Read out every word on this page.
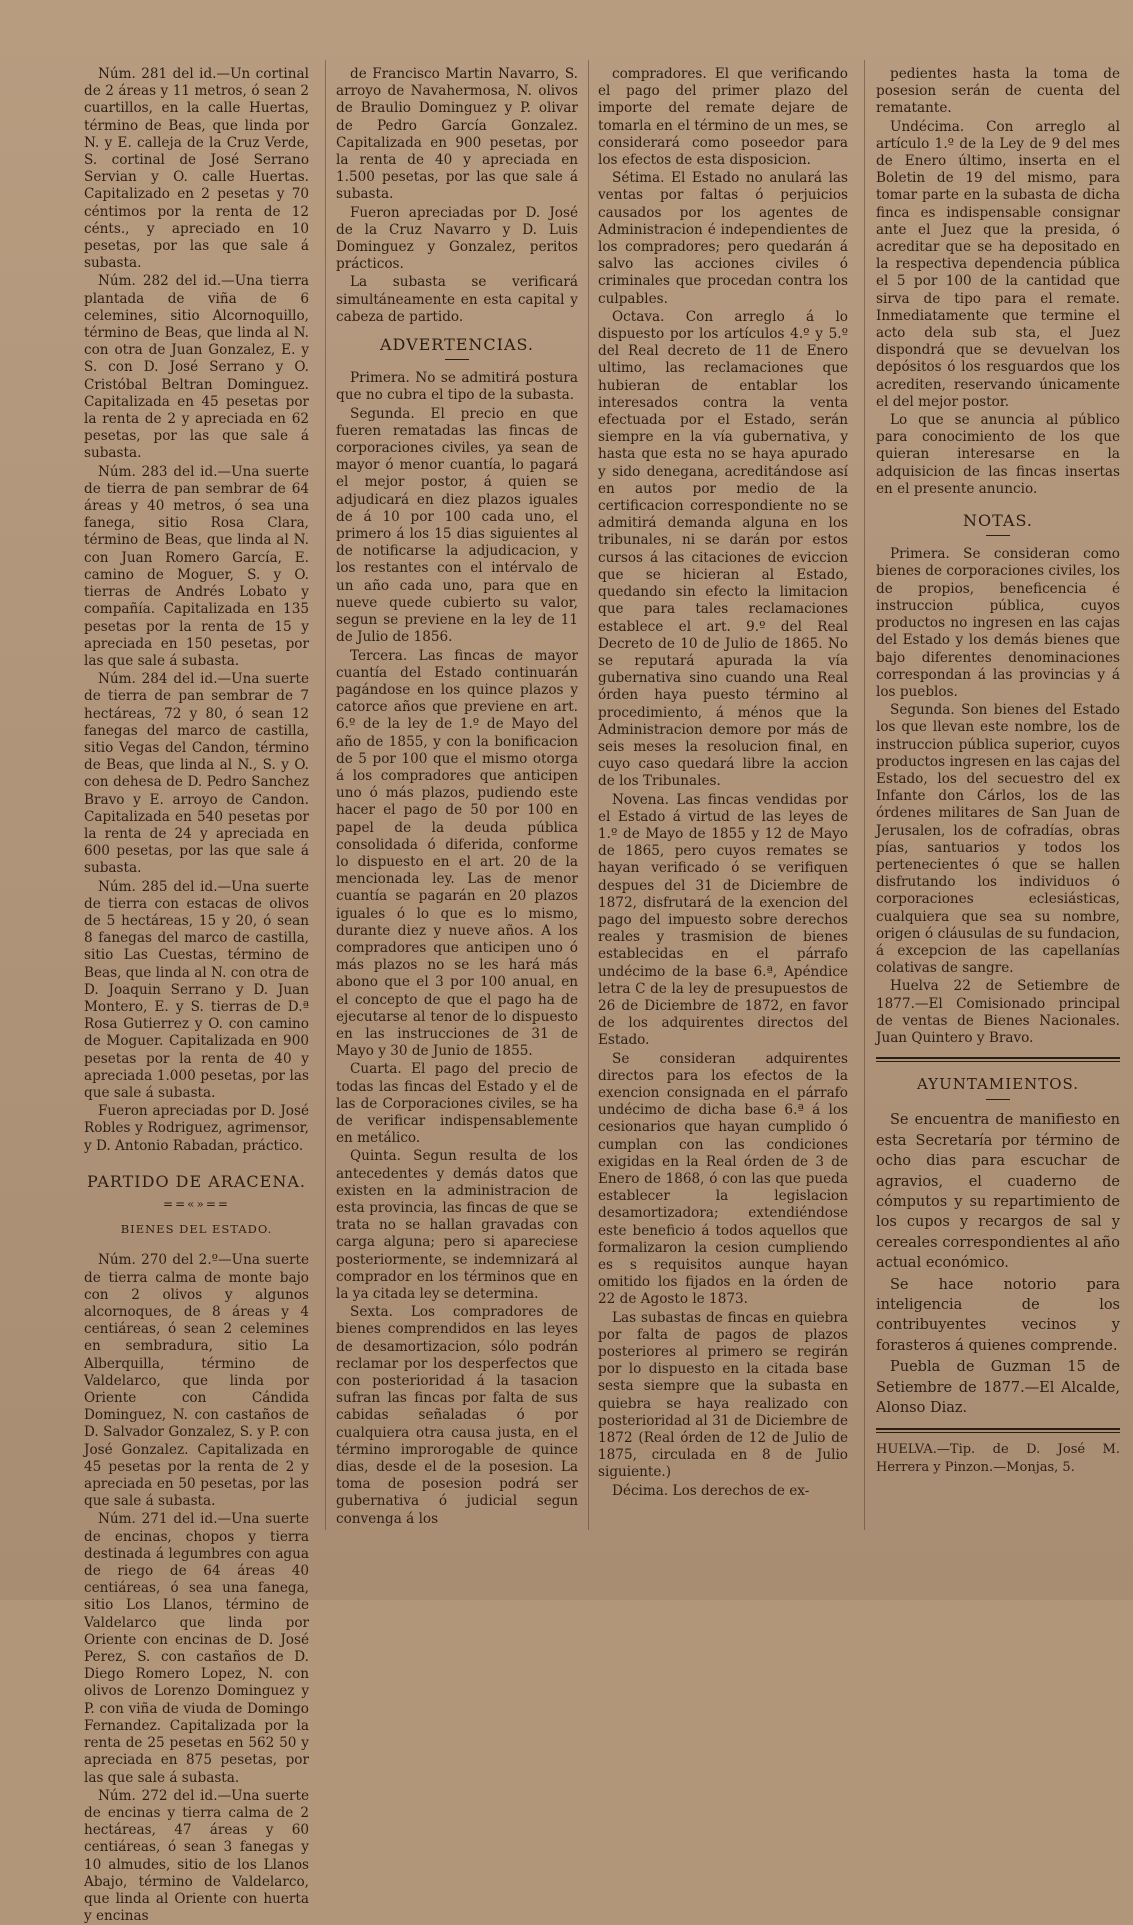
Núm. 281 del id.—Un cortinal de 2 áreas y 11 metros, ó sean 2 cuartillos, en la calle Huertas, término de Beas, que linda por N. y E. calleja de la Cruz Verde, S. cortinal de José Serrano Servian y O. calle Huertas. Capitalizado en 2 pesetas y 70 céntimos por la renta de 12 cénts., y apreciado en 10 pesetas, por las que sale á subasta.

Núm. 282 del id.—Una tierra plantada de viña de 6 celemines, sitio Alcornoquillo, término de Beas, que linda al N. con otra de Juan Gonzalez, E. y S. con D. José Serrano y O. Cristóbal Beltran Dominguez. Capitalizada en 45 pesetas por la renta de 2 y apreciada en 62 pesetas, por las que sale á subasta.

Núm. 283 del id.—Una suerte de tierra de pan sembrar de 64 áreas y 40 metros, ó sea una fanega, sitio Rosa Clara, término de Beas, que linda al N. con Juan Romero García, E. camino de Moguer, S. y O. tierras de Andrés Lobato y compañía. Capitalizada en 135 pesetas por la renta de 15 y apreciada en 150 pesetas, por las que sale á subasta.

Núm. 284 del id.—Una suerte de tierra de pan sembrar de 7 hectáreas, 72 y 80, ó sean 12 fanegas del marco de castilla, sitio Vegas del Candon, término de Beas, que linda al N., S. y O. con dehesa de D. Pedro Sanchez Bravo y E. arroyo de Candon. Capitalizada en 540 pesetas por la renta de 24 y apreciada en 600 pesetas, por las que sale á subasta.

Núm. 285 del id.—Una suerte de tierra con estacas de olivos de 5 hectáreas, 15 y 20, ó sean 8 fanegas del marco de castilla, sitio Las Cuestas, término de Beas, que linda al N. con otra de D. Joaquin Serrano y D. Juan Montero, E. y S. tierras de D.ª Rosa Gutierrez y O. con camino de Moguer. Capitalizada en 900 pesetas por la renta de 40 y apreciada 1.000 pesetas, por las que sale á subasta.

Fueron apreciadas por D. José Robles y Rodriguez, agrimensor, y D. Antonio Rabadan, práctico.

PARTIDO DE ARACENA.

==«»==

BIENES DEL ESTADO.

Núm. 270 del 2.º—Una suerte de tierra calma de monte bajo con 2 olivos y algunos alcornoques, de 8 áreas y 4 centiáreas, ó sean 2 celemines en sembradura, sitio La Alberquilla, término de Valdelarco, que linda por Oriente con Cándida Dominguez, N. con castaños de D. Salvador Gonzalez, S. y P. con José Gonzalez. Capitalizada en 45 pesetas por la renta de 2 y apreciada en 50 pesetas, por las que sale á subasta.

Núm. 271 del id.—Una suerte de encinas, chopos y tierra destinada á legumbres con agua de riego de 64 áreas 40 centiáreas, ó sea una fanega, sitio Los Llanos, término de Valdelarco que linda por Oriente con encinas de D. José Perez, S. con castaños de D. Diego Romero Lopez, N. con olivos de Lorenzo Dominguez y P. con viña de viuda de Domingo Fernandez. Capitalizada por la renta de 25 pesetas en 562 50 y apreciada en 875 pesetas, por las que sale á subasta.

Núm. 272 del id.—Una suerte de encinas y tierra calma de 2 hectáreas, 47 áreas y 60 centiáreas, ó sean 3 fanegas y 10 almudes, sitio de los Llanos Abajo, término de Valdelarco, que linda al Oriente con huerta y encinas

de Francisco Martin Navarro, S. arroyo de Navahermosa, N. olivos de Braulio Dominguez y P. olivar de Pedro García Gonzalez. Capitalizada en 900 pesetas, por la renta de 40 y apreciada en 1.500 pesetas, por las que sale á subasta.

Fueron apreciadas por D. José de la Cruz Navarro y D. Luis Dominguez y Gonzalez, peritos prácticos.

La subasta se verificará simultáneamente en esta capital y cabeza de partido.

ADVERTENCIAS.

Primera. No se admitirá postura que no cubra el tipo de la subasta.

Segunda. El precio en que fueren rematadas las fincas de corporaciones civiles, ya sean de mayor ó menor cuantía, lo pagará el mejor postor, á quien se adjudicará en diez plazos iguales de á 10 por 100 cada uno, el primero á los 15 dias siguientes al de notificarse la adjudicacion, y los restantes con el intérvalo de un año cada uno, para que en nueve quede cubierto su valor, segun se previene en la ley de 11 de Julio de 1856.

Tercera. Las fincas de mayor cuantía del Estado continuarán pagándose en los quince plazos y catorce años que previene en art. 6.º de la ley de 1.º de Mayo del año de 1855, y con la bonificacion de 5 por 100 que el mismo otorga á los compradores que anticipen uno ó más plazos, pudiendo este hacer el pago de 50 por 100 en papel de la deuda pública consolidada ó diferida, conforme lo dispuesto en el art. 20 de la mencionada ley. Las de menor cuantía se pagarán en 20 plazos iguales ó lo que es lo mismo, durante diez y nueve años. A los compradores que anticipen uno ó más plazos no se les hará más abono que el 3 por 100 anual, en el concepto de que el pago ha de ejecutarse al tenor de lo dispuesto en las instrucciones de 31 de Mayo y 30 de Junio de 1855.

Cuarta. El pago del precio de todas las fincas del Estado y el de las de Corporaciones civiles, se ha de verificar indispensablemente en metálico.

Quinta. Segun resulta de los antecedentes y demás datos que existen en la administracion de esta provincia, las fincas de que se trata no se hallan gravadas con carga alguna; pero si apareciese posteriormente, se indemnizará al comprador en los términos que en la ya citada ley se determina.

Sexta. Los compradores de bienes comprendidos en las leyes de desamortizacion, sólo podrán reclamar por los desperfectos que con posterioridad á la tasacion sufran las fincas por falta de sus cabidas señaladas ó por cualquiera otra causa justa, en el término improrogable de quince dias, desde el de la posesion. La toma de posesion podrá ser gubernativa ó judicial segun convenga á los

compradores. El que verificando el pago del primer plazo del importe del remate dejare de tomarla en el término de un mes, se considerará como poseedor para los efectos de esta disposicion.

Sétima. El Estado no anulará las ventas por faltas ó perjuicios causados por los agentes de Administracion é independientes de los compradores; pero quedarán á salvo las acciones civiles ó criminales que procedan contra los culpables.

Octava. Con arreglo á lo dispuesto por los artículos 4.º y 5.º del Real decreto de 11 de Enero ultimo, las reclamaciones que hubieran de entablar los interesados contra la venta efectuada por el Estado, serán siempre en la vía gubernativa, y hasta que esta no se haya apurado y sido denegana, acreditándose así en autos por medio de la certificacion correspondiente no se admitirá demanda alguna en los tribunales, ni se darán por estos cursos á las citaciones de eviccion que se hicieran al Estado, quedando sin efecto la limitacion que para tales reclamaciones establece el art. 9.º del Real Decreto de 10 de Julio de 1865. No se reputará apurada la vía gubernativa sino cuando una Real órden haya puesto término al procedimiento, á ménos que la Administracion demore por más de seis meses la resolucion final, en cuyo caso quedará libre la accion de los Tribunales.

Novena. Las fincas vendidas por el Estado á virtud de las leyes de 1.º de Mayo de 1855 y 12 de Mayo de 1865, pero cuyos remates se hayan verificado ó se verifiquen despues del 31 de Diciembre de 1872, disfrutará de la exencion del pago del impuesto sobre derechos reales y trasmision de bienes establecidas en el párrafo undécimo de la base 6.ª, Apéndice letra C de la ley de presupuestos de 26 de Diciembre de 1872, en favor de los adquirentes directos del Estado.

Se consideran adquirentes directos para los efectos de la exencion consignada en el párrafo undécimo de dicha base 6.ª á los cesionarios que hayan cumplido ó cumplan con las condiciones exigidas en la Real órden de 3 de Enero de 1868, ó con las que pueda establecer la legislacion desamortizadora; extendiéndose este beneficio á todos aquellos que formalizaron la cesion cumpliendo es s requisitos aunque hayan omitido los fijados en la órden de 22 de Agosto le 1873.

Las subastas de fincas en quiebra por falta de pagos de plazos posteriores al primero se regirán por lo dispuesto en la citada base sesta siempre que la subasta en quiebra se haya realizado con posterioridad al 31 de Diciembre de 1872 (Real órden de 12 de Julio de 1875, circulada en 8 de Julio siguiente.)

Décima. Los derechos de ex-

pedientes hasta la toma de posesion serán de cuenta del rematante.

Undécima. Con arreglo al artículo 1.º de la Ley de 9 del mes de Enero último, inserta en el Boletin de 19 del mismo, para tomar parte en la subasta de dicha finca es indispensable consignar ante el Juez que la presida, ó acreditar que se ha depositado en la respectiva dependencia pública el 5 por 100 de la cantidad que sirva de tipo para el remate. Inmediatamente que termine el acto dela sub sta, el Juez dispondrá que se devuelvan los depósitos ó los resguardos que los acrediten, reservando únicamente el del mejor postor.

Lo que se anuncia al público para conocimiento de los que quieran interesarse en la adquisicion de las fincas insertas en el presente anuncio.

NOTAS.

Primera. Se consideran como bienes de corporaciones civiles, los de propios, beneficencia é instruccion pública, cuyos productos no ingresen en las cajas del Estado y los demás bienes que bajo diferentes denominaciones correspondan á las provincias y á los pueblos.

Segunda. Son bienes del Estado los que llevan este nombre, los de instruccion pública superior, cuyos productos ingresen en las cajas del Estado, los del secuestro del ex Infante don Cárlos, los de las órdenes militares de San Juan de Jerusalen, los de cofradías, obras pías, santuarios y todos los pertenecientes ó que se hallen disfrutando los individuos ó corporaciones eclesiásticas, cualquiera que sea su nombre, origen ó cláusulas de su fundacion, á excepcion de las capellanías colativas de sangre.

Huelva 22 de Setiembre de 1877.—El Comisionado principal de ventas de Bienes Nacionales. Juan Quintero y Bravo.

AYUNTAMIENTOS.

Se encuentra de manifiesto en esta Secretaría por término de ocho dias para escuchar de agravios, el cuaderno de cómputos y su repartimiento de los cupos y recargos de sal y cereales correspondientes al año actual económico.

Se hace notorio para inteligencia de los contribuyentes vecinos y forasteros á quienes comprende.

Puebla de Guzman 15 de Setiembre de 1877.—El Alcalde, Alonso Diaz.

HUELVA.—Tip. de D. José M. Herrera y Pinzon.—Monjas, 5.
